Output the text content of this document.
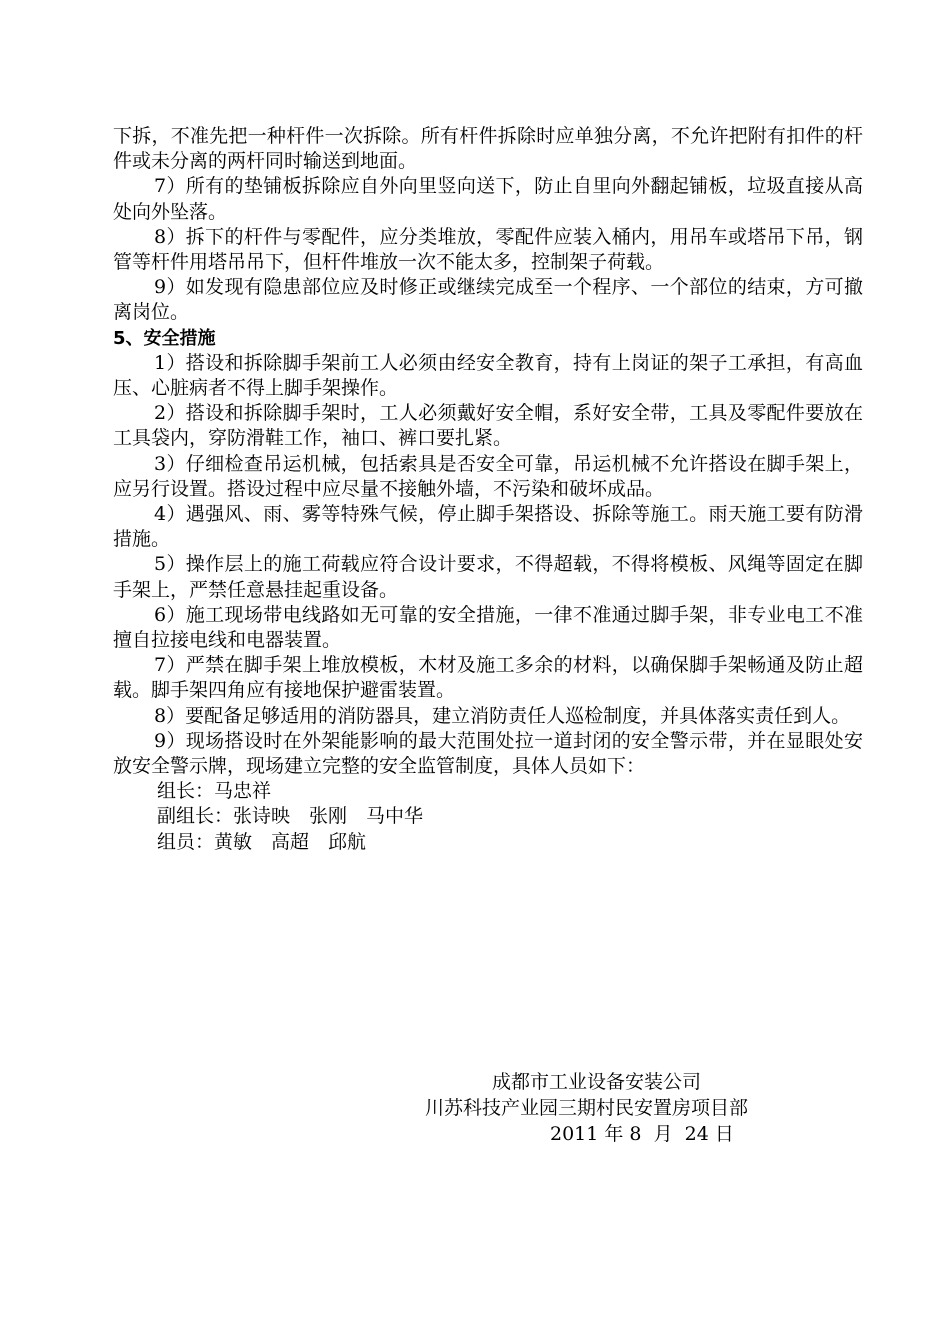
下拆，不准先把一种杆件一次拆除。所有杆件拆除时应单独分离，不允许把附有扣件的杆件或未分离的两杆同时输送到地面。

7）所有的垫铺板拆除应自外向里竖向送下，防止自里向外翻起铺板，垃圾直接从高处向外坠落。

8）拆下的杆件与零配件，应分类堆放，零配件应装入桶内，用吊车或塔吊下吊，钢管等杆件用塔吊吊下，但杆件堆放一次不能太多，控制架子荷载。

9）如发现有隐患部位应及时修正或继续完成至一个程序、一个部位的结束，方可撤离岗位。

5、安全措施

1）搭设和拆除脚手架前工人必须由经安全教育，持有上岗证的架子工承担，有高血压、心脏病者不得上脚手架操作。

2）搭设和拆除脚手架时，工人必须戴好安全帽，系好安全带，工具及零配件要放在工具袋内，穿防滑鞋工作，袖口、裤口要扎紧。

3）仔细检查吊运机械，包括索具是否安全可靠，吊运机械不允许搭设在脚手架上，应另行设置。搭设过程中应尽量不接触外墙，不污染和破坏成品。

4）遇强风、雨、雾等特殊气候，停止脚手架搭设、拆除等施工。雨天施工要有防滑措施。

5）操作层上的施工荷载应符合设计要求，不得超载，不得将模板、风绳等固定在脚手架上，严禁任意悬挂起重设备。

6）施工现场带电线路如无可靠的安全措施，一律不准通过脚手架，非专业电工不准擅自拉接电线和电器装置。

7）严禁在脚手架上堆放模板，木材及施工多余的材料，以确保脚手架畅通及防止超载。脚手架四角应有接地保护避雷装置。

8）要配备足够适用的消防器具，建立消防责任人巡检制度，并具体落实责任到人。

9）现场搭设时在外架能影响的最大范围处拉一道封闭的安全警示带，并在显眼处安放安全警示牌，现场建立完整的安全监管制度，具体人员如下：

组长：马忠祥

副组长：张诗映　张刚　马中华

组员：黄敏　高超　邱航

成都市工业设备安装公司
川苏科技产业园三期村民安置房项目部
2011 年 8  月  24 日
